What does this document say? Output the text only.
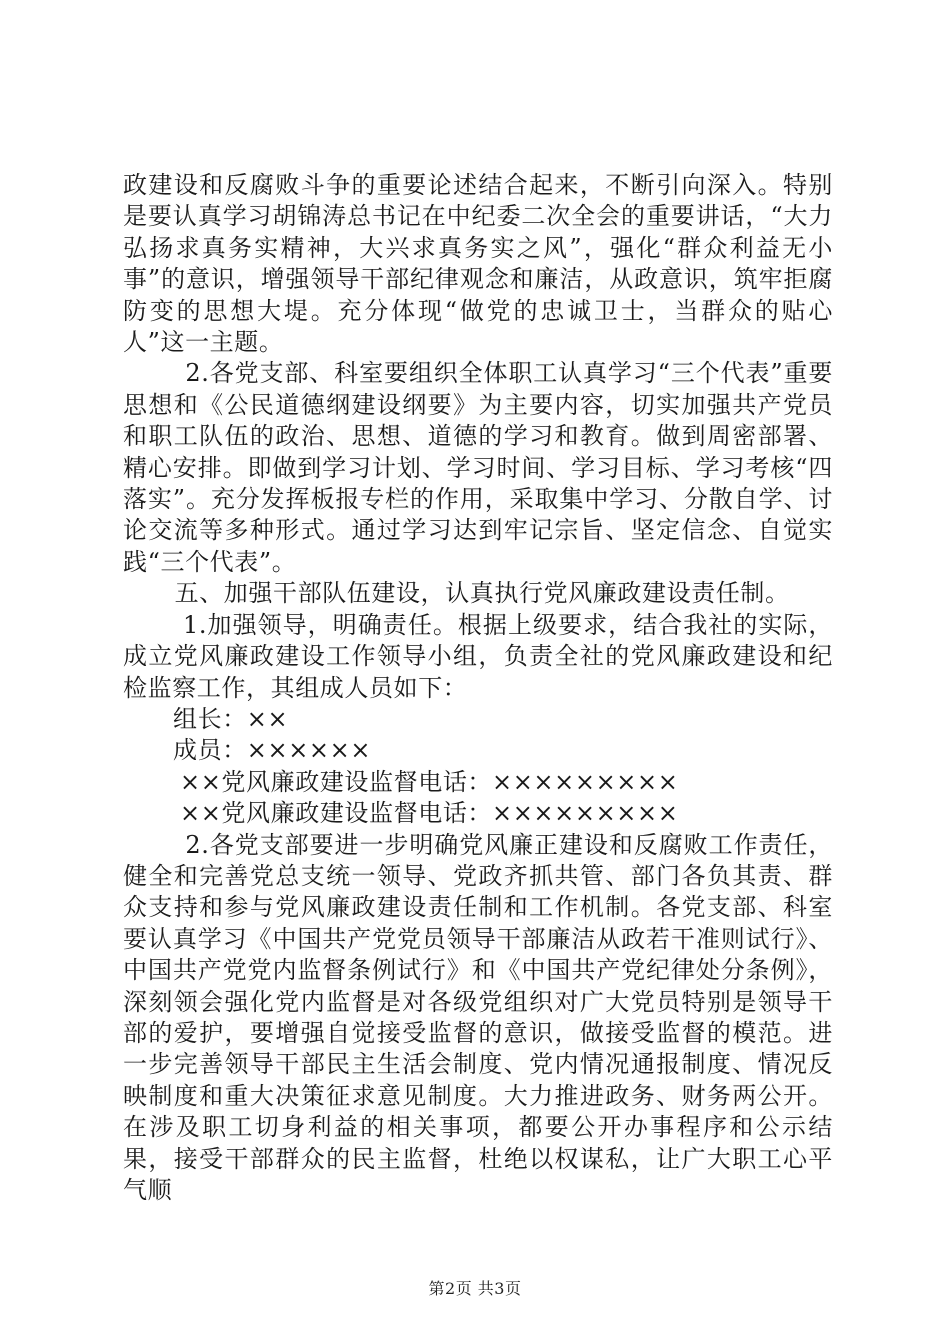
政建设和反腐败斗争的重要论述结合起来，不断引向深入。特别是要认真学习胡锦涛总书记在中纪委二次全会的重要讲话，“大力弘扬求真务实精神，大兴求真务实之风”，强化“群众利益无小事”的意识，增强领导干部纪律观念和廉洁，从政意识，筑牢拒腐防变的思想大堤。充分体现“做党的忠诚卫士，当群众的贴心人”这一主题。

2.各党支部、科室要组织全体职工认真学习“三个代表”重要思想和《公民道德纲建设纲要》为主要内容，切实加强共产党员和职工队伍的政治、思想、道德的学习和教育。做到周密部署、精心安排。即做到学习计划、学习时间、学习目标、学习考核“四落实”。充分发挥板报专栏的作用，采取集中学习、分散自学、讨论交流等多种形式。通过学习达到牢记宗旨、坚定信念、自觉实践“三个代表”。

五、加强干部队伍建设，认真执行党风廉政建设责任制。

1.加强领导，明确责任。根据上级要求，结合我社的实际，成立党风廉政建设工作领导小组，负责全社的党风廉政建设和纪检监察工作，其组成人员如下：

组长：××

成员：××××××

××党风廉政建设监督电话：×××××××××

××党风廉政建设监督电话：×××××××××

2.各党支部要进一步明确党风廉正建设和反腐败工作责任，健全和完善党总支统一领导、党政齐抓共管、部门各负其责、群众支持和参与党风廉政建设责任制和工作机制。各党支部、科室要认真学习《中国共产党党员领导干部廉洁从政若干准则试行》、中国共产党党内监督条例试行》和《中国共产党纪律处分条例》，深刻领会强化党内监督是对各级党组织对广大党员特别是领导干部的爱护，要增强自觉接受监督的意识，做接受监督的模范。进一步完善领导干部民主生活会制度、党内情况通报制度、情况反映制度和重大决策征求意见制度。大力推进政务、财务两公开。在涉及职工切身利益的相关事项，都要公开办事程序和公示结果，接受干部群众的民主监督，杜绝以权谋私，让广大职工心平气顺

第2页 共3页
